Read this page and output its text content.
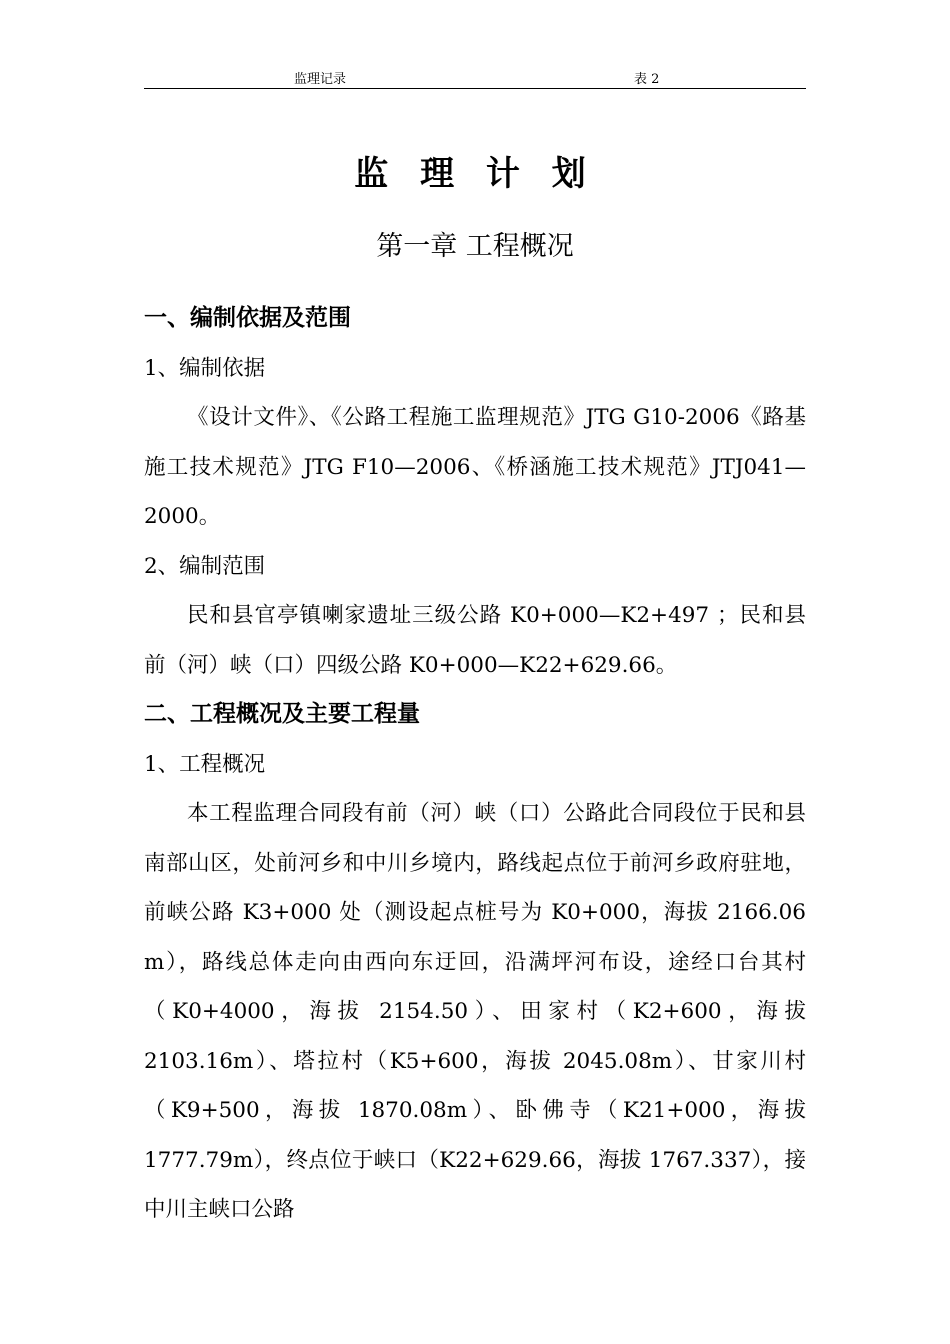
监理记录	表 2
监 理 计 划
第一章 工程概况

一、编制依据及范围

1、编制依据

《设计文件》、《公路工程施工监理规范》JTG G10-2006《路基施工技术规范》JTG F10—2006、《桥涵施工技术规范》JTJ041—2000。

2、编制范围

民和县官亭镇喇家遗址三级公路 K0+000—K2+497 ；民和县前（河）峡（口）四级公路 K0+000—K22+629.66。

二、工程概况及主要工程量

1、工程概况

本工程监理合同段有前（河）峡（口）公路此合同段位于民和县南部山区，处前河乡和中川乡境内，路线起点位于前河乡政府驻地，前峡公路 K3+000 处（测设起点桩号为 K0+000，海拔 2166.06 m），路线总体走向由西向东迂回，沿满坪河布设，途经口台其村（K0+4000，海拔 2154.50）、田家村（K2+600，海拔 2103.16m）、塔拉村（K5+600，海拔 2045.08m）、甘家川村（K9+500，海拔 1870.08m）、卧佛寺（K21+000，海拔 1777.79m），终点位于峡口（K22+629.66，海拔 1767.337），接中川主峡口公路
